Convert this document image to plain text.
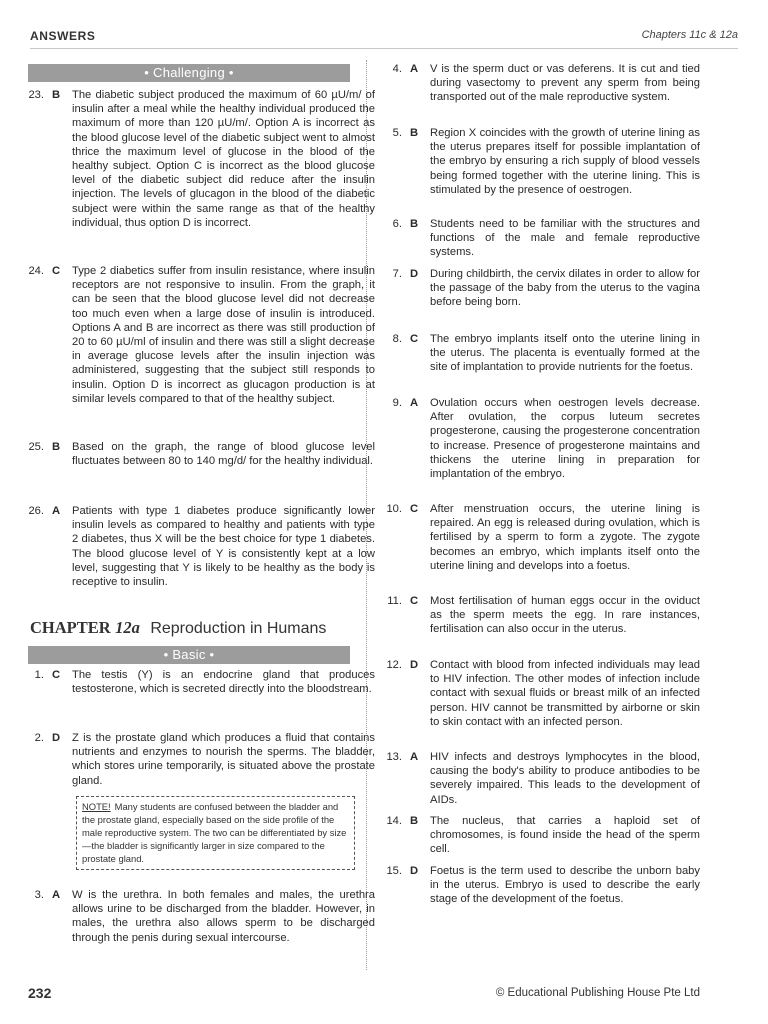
ANSWERS	Chapters 11c & 12a
• Challenging •
23. B The diabetic subject produced the maximum of 60 µU/m/ of insulin after a meal while the healthy individual produced the maximum of more than 120 µU/m/. Option A is incorrect as the blood glucose level of the diabetic subject went to almost thrice the maximum level of glucose in the blood of the healthy subject. Option C is incorrect as the blood glucose level of the diabetic subject did reduce after the insulin injection. The levels of glucagon in the blood of the diabetic subject were within the same range as that of the healthy individual, thus option D is incorrect.
24. C Type 2 diabetics suffer from insulin resistance, where insulin receptors are not responsive to insulin. From the graph, it can be seen that the blood glucose level did not decrease too much even when a large dose of insulin is introduced. Options A and B are incorrect as there was still production of 20 to 60 µU/ml of insulin and there was still a slight decrease in average glucose levels after the insulin injection was administered, suggesting that the subject still responds to insulin. Option D is incorrect as glucagon production is at similar levels compared to that of the healthy subject.
25. B Based on the graph, the range of blood glucose level fluctuates between 80 to 140 mg/d/ for the healthy individual.
26. A Patients with type 1 diabetes produce significantly lower insulin levels as compared to healthy and patients with type 2 diabetes, thus X will be the best choice for type 1 diabetes. The blood glucose level of Y is consistently kept at a low level, suggesting that Y is likely to be healthy as the body is receptive to insulin.
CHAPTER 12a Reproduction in Humans
• Basic •
1. C The testis (Y) is an endocrine gland that produces testosterone, which is secreted directly into the bloodstream.
2. D Z is the prostate gland which produces a fluid that contains nutrients and enzymes to nourish the sperms. The bladder, which stores urine temporarily, is situated above the prostate gland.
NOTE! Many students are confused between the bladder and the prostate gland, especially based on the side profile of the male reproductive system. The two can be differentiated by size—the bladder is significantly larger in size compared to the prostate gland.
3. A W is the urethra. In both females and males, the urethra allows urine to be discharged from the bladder. However, in males, the urethra also allows sperm to be discharged through the penis during sexual intercourse.
4. A V is the sperm duct or vas deferens. It is cut and tied during vasectomy to prevent any sperm from being transported out of the male reproductive system.
5. B Region X coincides with the growth of uterine lining as the uterus prepares itself for possible implantation of the embryo by ensuring a rich supply of blood vessels being formed together with the uterine lining. This is stimulated by the presence of oestrogen.
6. B Students need to be familiar with the structures and functions of the male and female reproductive systems.
7. D During childbirth, the cervix dilates in order to allow for the passage of the baby from the uterus to the vagina before being born.
8. C The embryo implants itself onto the uterine lining in the uterus. The placenta is eventually formed at the site of implantation to provide nutrients for the foetus.
9. A Ovulation occurs when oestrogen levels decrease. After ovulation, the corpus luteum secretes progesterone, causing the progesterone concentration to increase. Presence of progesterone maintains and thickens the uterine lining in preparation for implantation of the embryo.
10. C After menstruation occurs, the uterine lining is repaired. An egg is released during ovulation, which is fertilised by a sperm to form a zygote. The zygote becomes an embryo, which implants itself onto the uterine lining and develops into a foetus.
11. C Most fertilisation of human eggs occur in the oviduct as the sperm meets the egg. In rare instances, fertilisation can also occur in the uterus.
12. D Contact with blood from infected individuals may lead to HIV infection. The other modes of infection include contact with sexual fluids or breast milk of an infected person. HIV cannot be transmitted by airborne or skin to skin contact with an infected person.
13. A HIV infects and destroys lymphocytes in the blood, causing the body's ability to produce antibodies to be severely impaired. This leads to the development of AIDs.
14. B The nucleus, that carries a haploid set of chromosomes, is found inside the head of the sperm cell.
15. D Foetus is the term used to describe the unborn baby in the uterus. Embryo is used to describe the early stage of the development of the foetus.
232	© Educational Publishing House Pte Ltd
